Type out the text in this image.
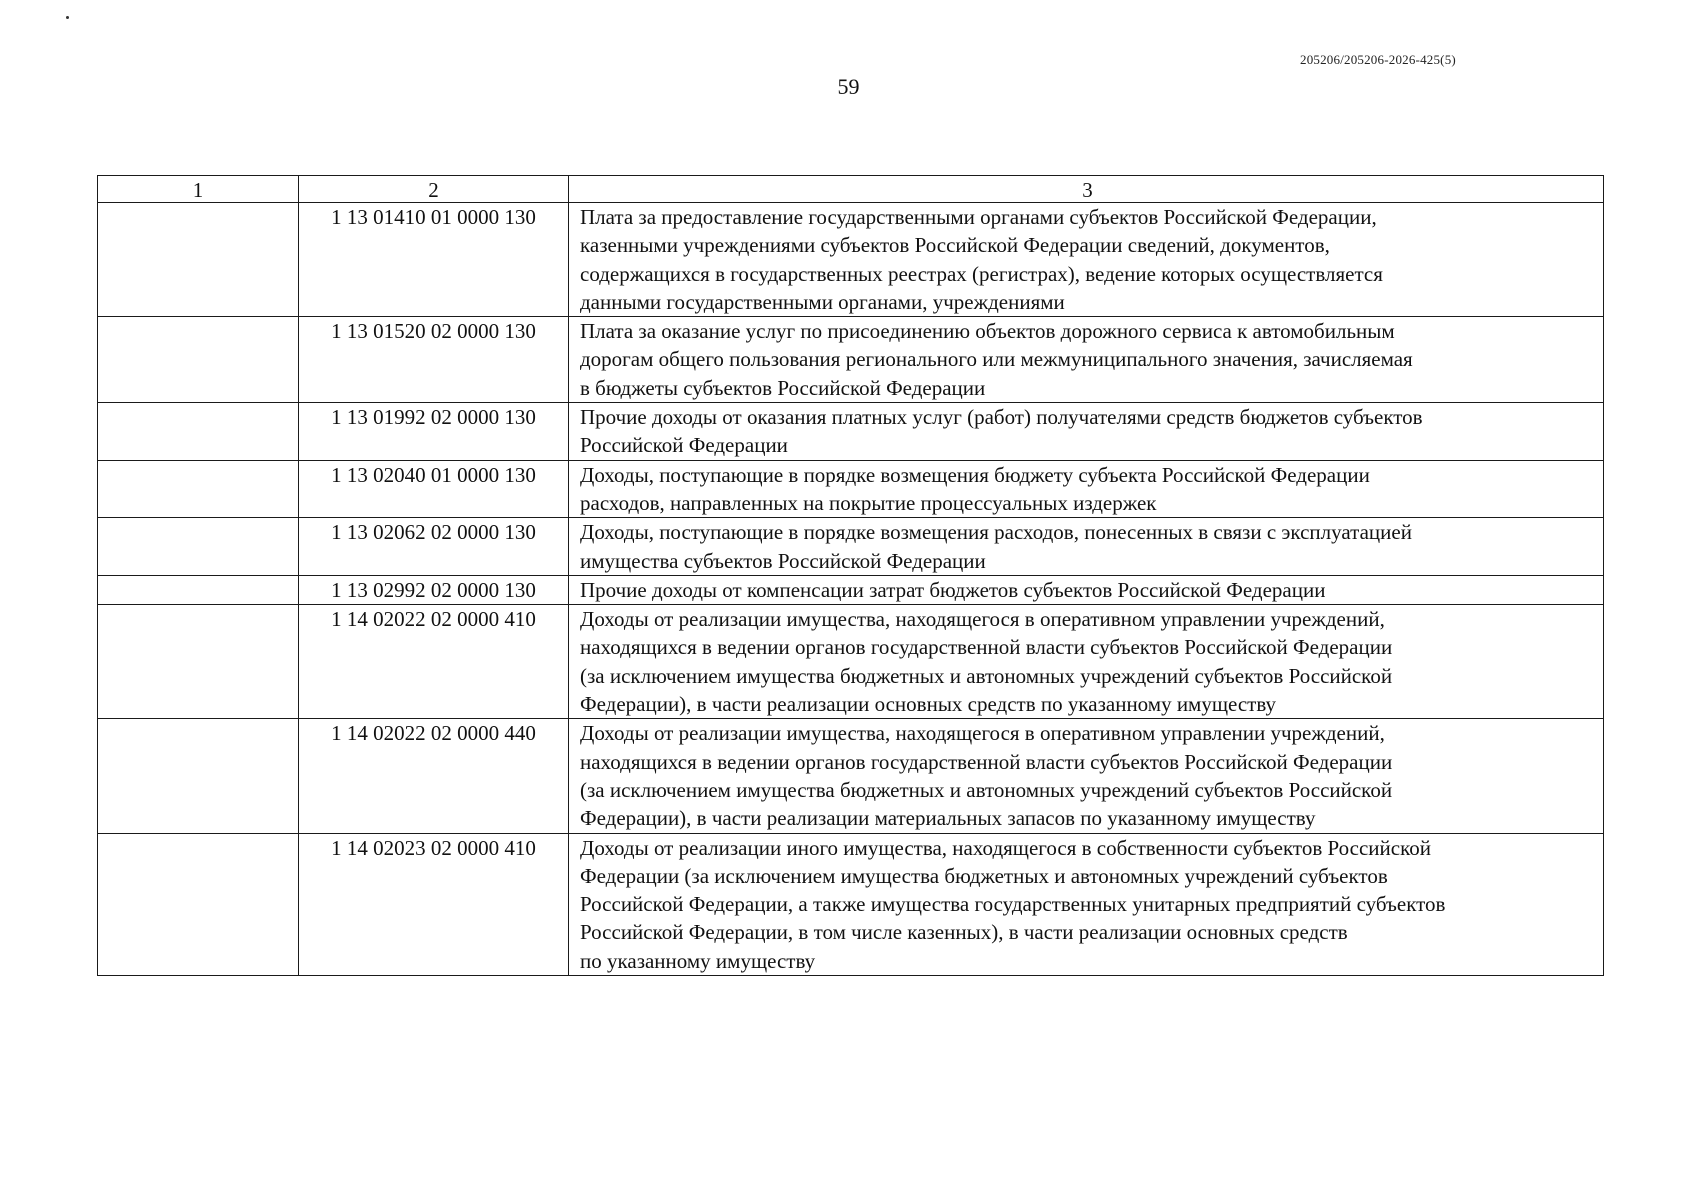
205206/205206-2026-425(5)
59
1	2	3
	1 13 01410 01 0000 130	Плата за предоставление государственными органами субъектов Российской Федерации,
казенными учреждениями субъектов Российской Федерации сведений, документов,
содержащихся в государственных реестрах (регистрах), ведение которых осуществляется
данными государственными органами, учреждениями

	1 13 01520 02 0000 130	Плата за оказание услуг по присоединению объектов дорожного сервиса к автомобильным
дорогам общего пользования регионального или межмуниципального значения, зачисляемая
в бюджеты субъектов Российской Федерации

	1 13 01992 02 0000 130	Прочие доходы от оказания платных услуг (работ) получателями средств бюджетов субъектов
Российской Федерации

	1 13 02040 01 0000 130	Доходы, поступающие в порядке возмещения бюджету субъекта Российской Федерации
расходов, направленных на покрытие процессуальных издержек

	1 13 02062 02 0000 130	Доходы, поступающие в порядке возмещения расходов, понесенных в связи с эксплуатацией
имущества субъектов Российской Федерации

	1 13 02992 02 0000 130	Прочие доходы от компенсации затрат бюджетов субъектов Российской Федерации

	1 14 02022 02 0000 410	Доходы от реализации имущества, находящегося в оперативном управлении учреждений,
находящихся в ведении органов государственной власти субъектов Российской Федерации
(за исключением имущества бюджетных и автономных учреждений субъектов Российской
Федерации), в части реализации основных средств по указанному имуществу

	1 14 02022 02 0000 440	Доходы от реализации имущества, находящегося в оперативном управлении учреждений,
находящихся в ведении органов государственной власти субъектов Российской Федерации
(за исключением имущества бюджетных и автономных учреждений субъектов Российской
Федерации), в части реализации материальных запасов по указанному имуществу

	1 14 02023 02 0000 410	Доходы от реализации иного имущества, находящегося в собственности субъектов Российской
Федерации (за исключением имущества бюджетных и автономных учреждений субъектов
Российской Федерации, а также имущества государственных унитарных предприятий субъектов
Российской Федерации, в том числе казенных), в части реализации основных средств
по указанному имуществу
